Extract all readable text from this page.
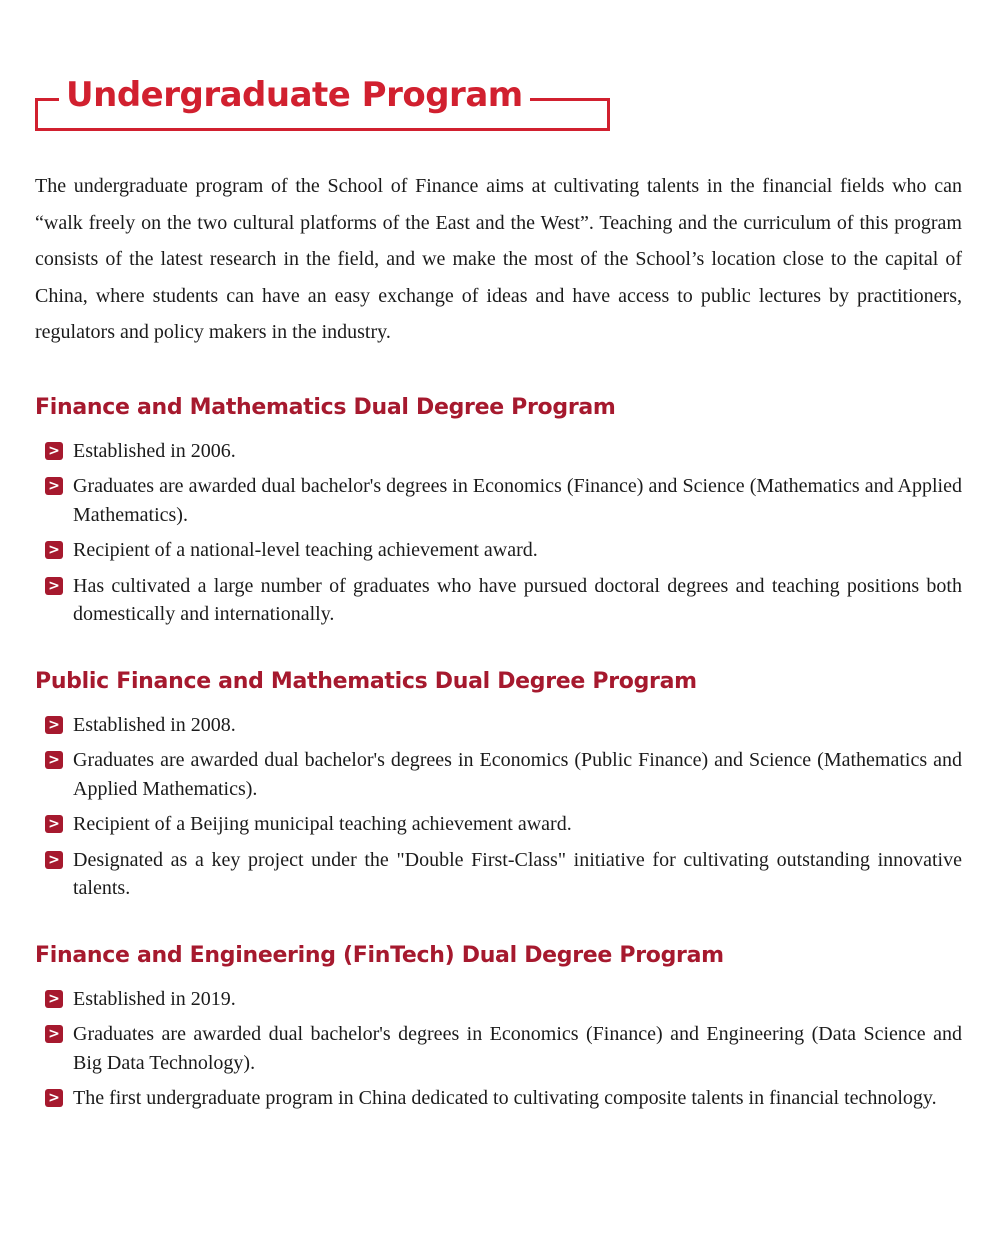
Undergraduate Program

The undergraduate program of the School of Finance aims at cultivating talents in the financial fields who can “walk freely on the two cultural platforms of the East and the West”. Teaching and the curriculum of this program consists of the latest research in the field, and we make the most of the School’s location close to the capital of China, where students can have an easy exchange of ideas and have access to public lectures by practitioners, regulators and policy makers in the industry.

Finance and Mathematics Dual Degree Program
> Established in 2006.
> Graduates are awarded dual bachelor's degrees in Economics (Finance) and Science (Mathematics and Applied Mathematics).
> Recipient of a national-level teaching achievement award.
> Has cultivated a large number of graduates who have pursued doctoral degrees and teaching positions both domestically and internationally.
Public Finance and Mathematics Dual Degree Program
> Established in 2008.
> Graduates are awarded dual bachelor's degrees in Economics (Public Finance) and Science (Mathematics and Applied Mathematics).
> Recipient of a Beijing municipal teaching achievement award.
> Designated as a key project under the "Double First-Class" initiative for cultivating outstanding innovative talents.
Finance and Engineering (FinTech) Dual Degree Program
> Established in 2019.
> Graduates are awarded dual bachelor's degrees in Economics (Finance) and Engineering (Data Science and Big Data Technology).
> The first undergraduate program in China dedicated to cultivating composite talents in financial technology.
